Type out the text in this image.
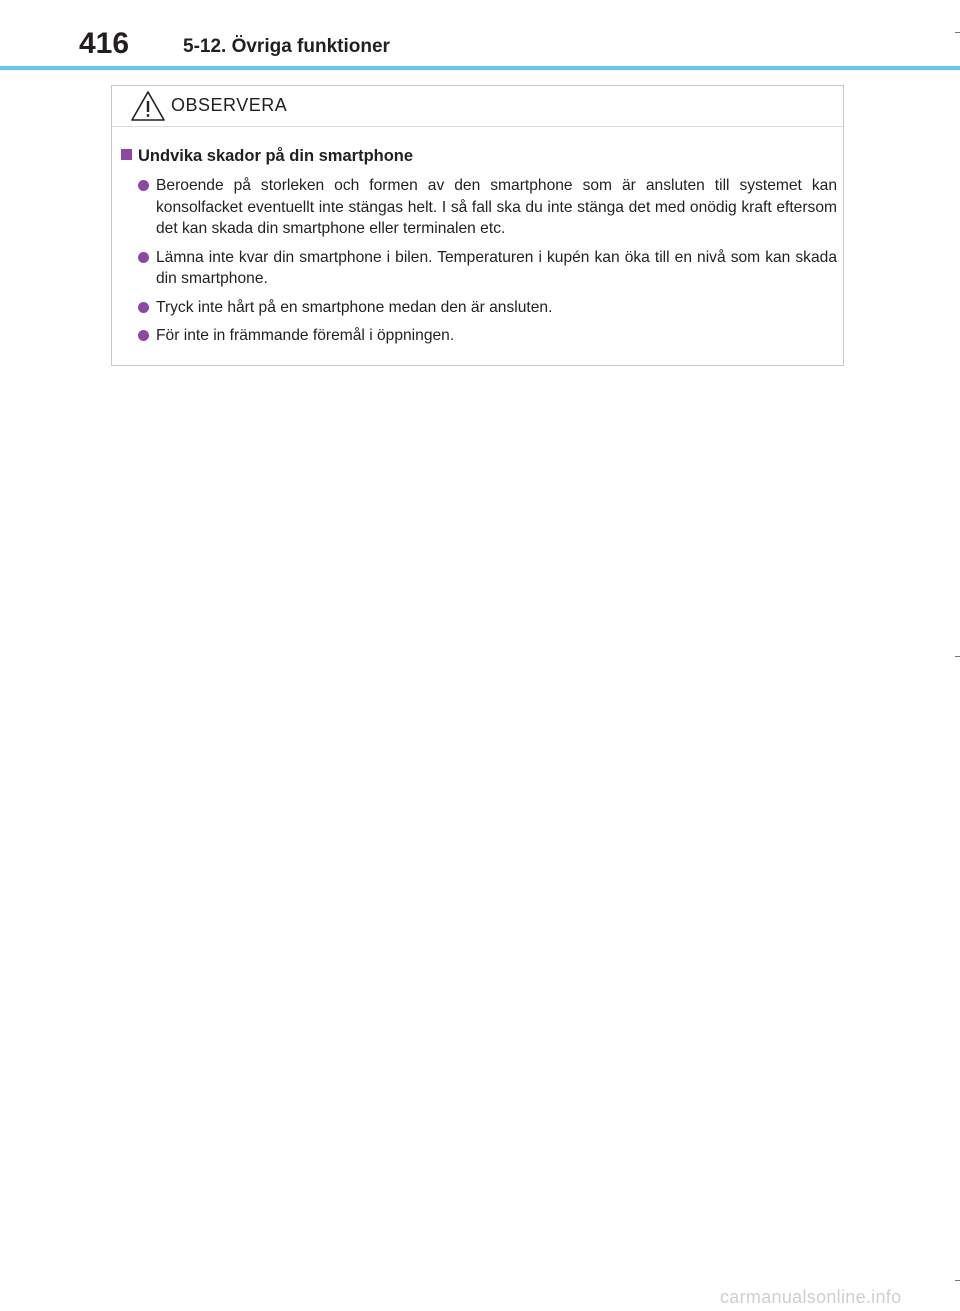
416	5-12. Övriga funktioner
OBSERVERA
Undvika skador på din smartphone
Beroende på storleken och formen av den smartphone som är ansluten till systemet kan konsolfacket eventuellt inte stängas helt. I så fall ska du inte stänga det med onödig kraft eftersom det kan skada din smartphone eller terminalen etc.
Lämna inte kvar din smartphone i bilen. Temperaturen i kupén kan öka till en nivå som kan skada din smartphone.
Tryck inte hårt på en smartphone medan den är ansluten.
För inte in främmande föremål i öppningen.
carmanualsonline.info
